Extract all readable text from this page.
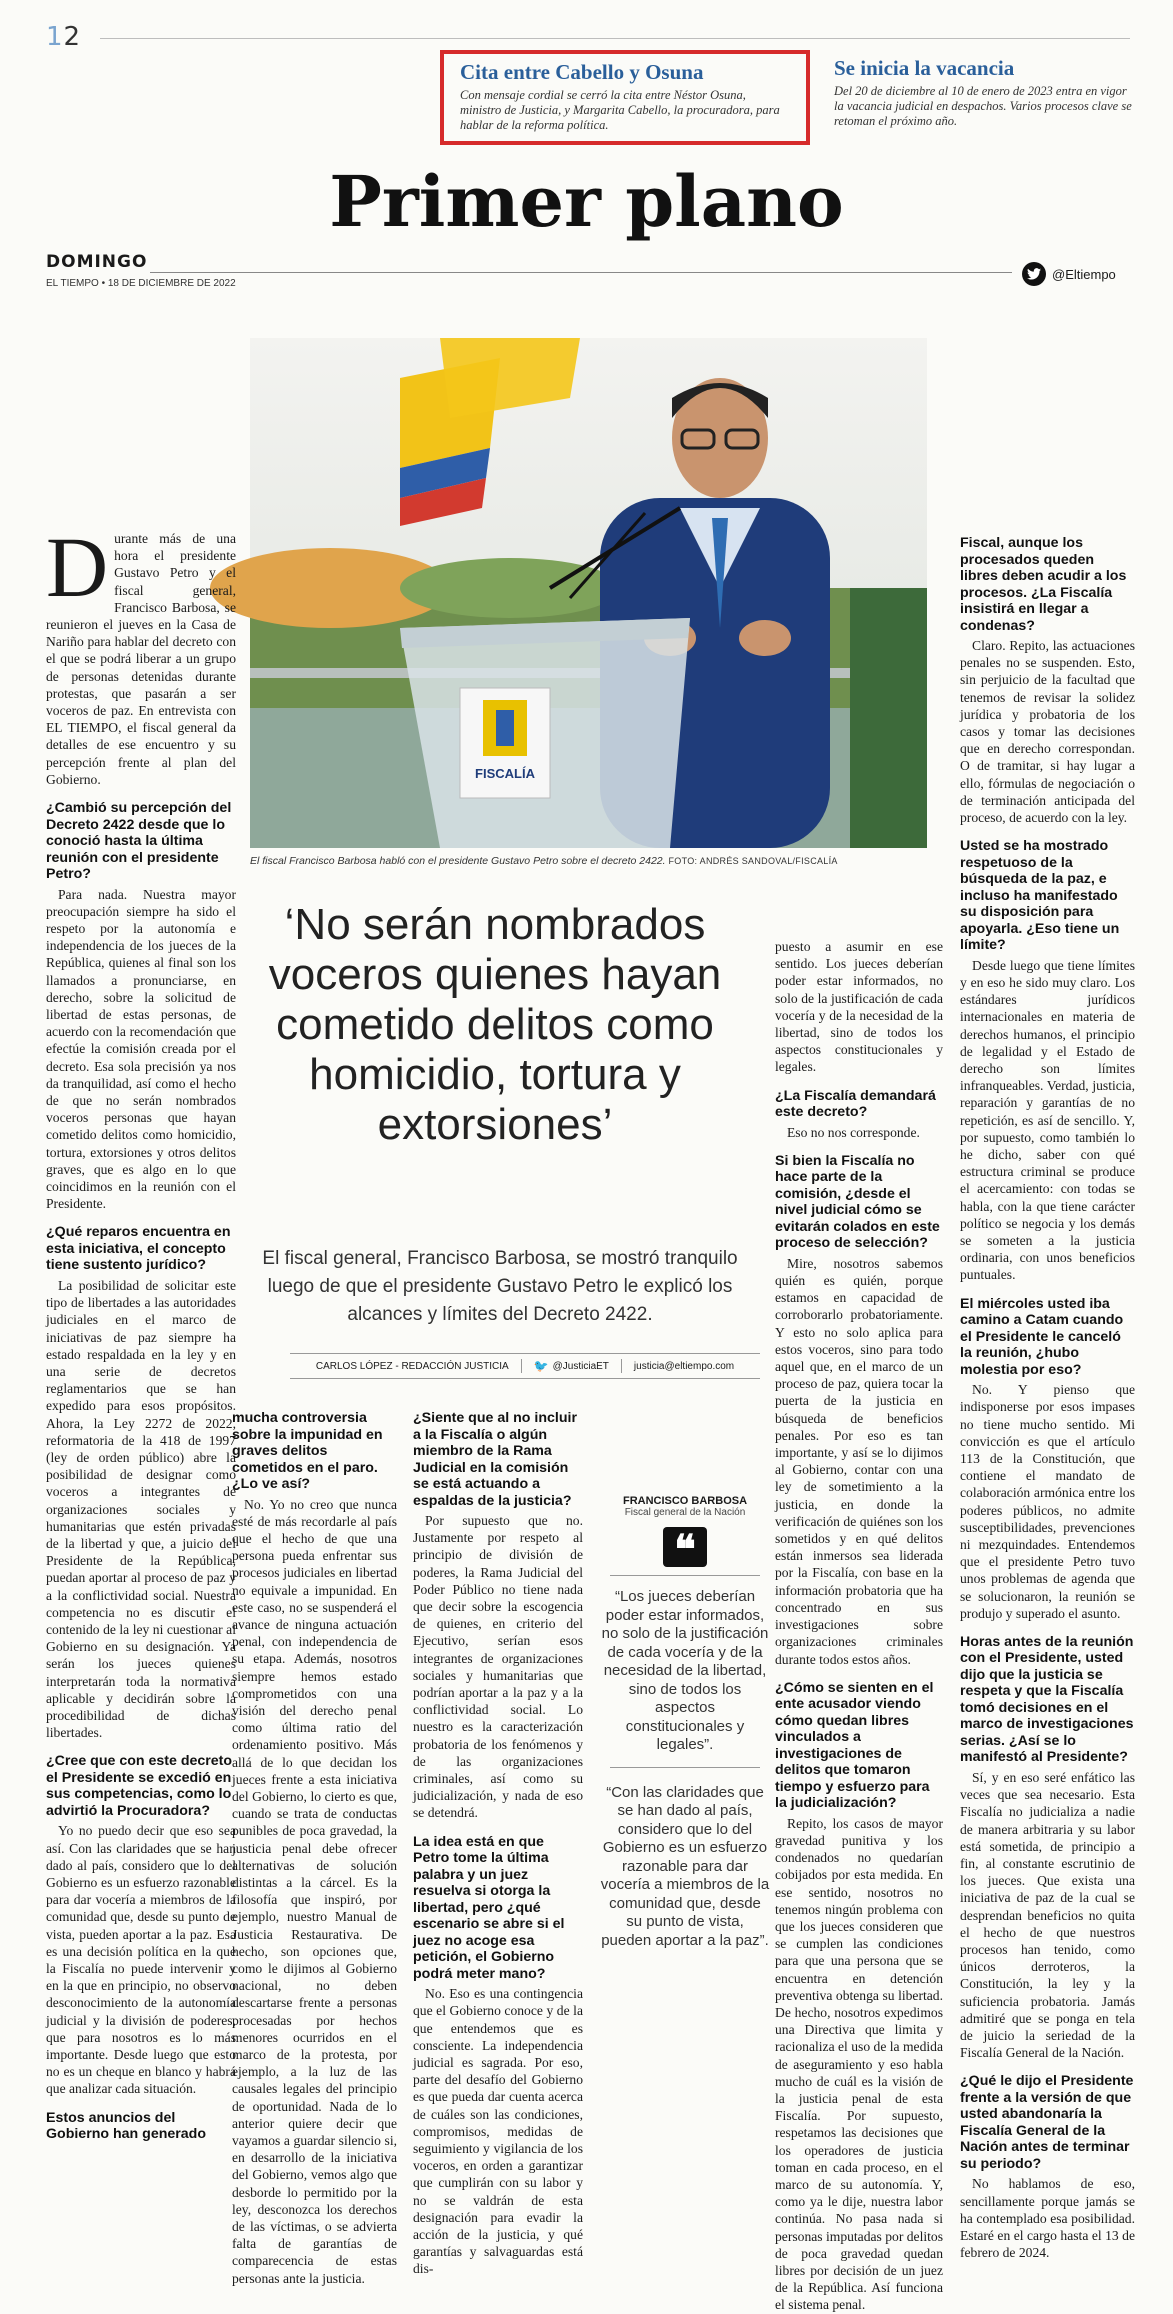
12
Cita entre Cabello y Osuna

Con mensaje cordial se cerró la cita entre Néstor Osuna, ministro de Justicia, y Margarita Cabello, la procuradora, para hablar de la reforma política.

Se inicia la vacancia

Del 20 de diciembre al 10 de enero de 2023 entra en vigor la vacancia judicial en despachos. Varios procesos clave se retoman el próximo año.

Primer plano
DOMINGO
EL TIEMPO • 18 DE DICIEMBRE DE 2022
@Eltiempo
FISCALÍA
El fiscal Francisco Barbosa habló con el presidente Gustavo Petro sobre el decreto 2422. FOTO: ANDRÉS SANDOVAL/FISCALÍA
‘No serán nombrados voceros quienes hayan cometido delitos como homicidio, tortura y extorsiones’
El fiscal general, Francisco Barbosa, se mostró tranquilo luego de que el presidente Gustavo Petro le explicó los alcances y límites del Decreto 2422.
CARLOS LÓPEZ - REDACCIÓN JUSTICIA 🐦 @JusticiaET	justicia@eltiempo.com

Durante más de una hora el presidente Gustavo Petro y el fiscal general, Francisco Barbosa, se reunieron el jueves en la Casa de Nariño para hablar del decreto con el que se podrá liberar a un grupo de personas detenidas durante protestas, que pasarán a ser voceros de paz. En entrevista con EL TIEMPO, el fiscal general da detalles de ese encuentro y su percepción frente al plan del Gobierno.

¿Cambió su percepción del Decreto 2422 desde que lo conoció hasta la última reunión con el presidente Petro?

Para nada. Nuestra mayor preocupación siempre ha sido el respeto por la autonomía e independencia de los jueces de la República, quienes al final son los llamados a pronunciarse, en derecho, sobre la solicitud de libertad de estas personas, de acuerdo con la recomendación que efectúe la comisión creada por el decreto. Esa sola precisión ya nos da tranquilidad, así como el hecho de que no serán nombrados voceros personas que hayan cometido delitos como homicidio, tortura, extorsiones y otros delitos graves, que es algo en lo que coincidimos en la reunión con el Presidente.

¿Qué reparos encuentra en esta iniciativa, el concepto tiene sustento jurídico?

La posibilidad de solicitar este tipo de libertades a las autoridades judiciales en el marco de iniciativas de paz siempre ha estado respaldada en la ley y en una serie de decretos reglamentarios que se han expedido para esos propósitos. Ahora, la Ley 2272 de 2022, reformatoria de la 418 de 1997 (ley de orden público) abre la posibilidad de designar como voceros a integrantes de organizaciones sociales y humanitarias que estén privadas de la libertad y que, a juicio del Presidente de la República, puedan aportar al proceso de paz y a la conflictividad social. Nuestra competencia no es discutir el contenido de la ley ni cuestionar al Gobierno en su designación. Ya serán los jueces quienes interpretarán toda la normativa aplicable y decidirán sobre la procedibilidad de dichas libertades.

¿Cree que con este decreto el Presidente se excedió en sus competencias, como lo advirtió la Procuradora?

Yo no puedo decir que eso sea así. Con las claridades que se han dado al país, considero que lo del Gobierno es un esfuerzo razonable para dar vocería a miembros de la comunidad que, desde su punto de vista, pueden aportar a la paz. Esa es una decisión política en la que la Fiscalía no puede intervenir y en la que en principio, no observo desconocimiento de la autonomía judicial y la división de poderes, que para nosotros es lo más importante. Desde luego que esto no es un cheque en blanco y habrá que analizar cada situación.

Estos anuncios del Gobierno han generado
mucha controversia sobre la impunidad en graves delitos cometidos en el paro. ¿Lo ve así?

No. Yo no creo que nunca esté de más recordarle al país que el hecho de que una persona pueda enfrentar sus procesos judiciales en libertad no equivale a impunidad. En este caso, no se suspenderá el avance de ninguna actuación penal, con independencia de su etapa. Además, nosotros siempre hemos estado comprometidos con una visión del derecho penal como última ratio del ordenamiento positivo. Más allá de lo que decidan los jueces frente a esta iniciativa del Gobierno, lo cierto es que, cuando se trata de conductas punibles de poca gravedad, la justicia penal debe ofrecer alternativas de solución distintas a la cárcel. Es la filosofía que inspiró, por ejemplo, nuestro Manual de Justicia Restaurativa. De hecho, son opciones que, como le dijimos al Gobierno nacional, no deben descartarse frente a personas procesadas por hechos menores ocurridos en el marco de la protesta, por ejemplo, a la luz de las causales legales del principio de oportunidad. Nada de lo anterior quiere decir que vayamos a guardar silencio si, en desarrollo de la iniciativa del Gobierno, vemos algo que desborde lo permitido por la ley, desconozca los derechos de las víctimas, o se advierta falta de garantías de comparecencia de estas personas ante la justicia.

¿Siente que al no incluir a la Fiscalía o algún miembro de la Rama Judicial en la comisión se está actuando a espaldas de la justicia?

Por supuesto que no. Justamente por respeto al principio de división de poderes, la Rama Judicial del Poder Público no tiene nada que decir sobre la escogencia de quienes, en criterio del Ejecutivo, serían esos integrantes de organizaciones sociales y humanitarias que podrían aportar a la paz y a la conflictividad social. Lo nuestro es la caracterización probatoria de los fenómenos y de las organizaciones criminales, así como su judicialización, y nada de eso se detendrá.

La idea está en que Petro tome la última palabra y un juez resuelva si otorga la libertad, pero ¿qué escenario se abre si el juez no acoge esa petición, el Gobierno podrá meter mano?

No. Eso es una contingencia que el Gobierno conoce y de la que entendemos que es consciente. La independencia judicial es sagrada. Por eso, parte del desafío del Gobierno es que pueda dar cuenta acerca de cuáles son las condiciones, compromisos, medidas de seguimiento y vigilancia de los voceros, en orden a garantizar que cumplirán con su labor y no se valdrán de esta designación para evadir la acción de la justicia, y qué garantías y salvaguardas está dis-

FRANCISCO BARBOSA
Fiscal general de la Nación
❝
“Los jueces deberían poder estar informados, no solo de la justificación de cada vocería y de la necesidad de la libertad, sino de todos los aspectos constitucionales y legales”.
“Con las claridades que se han dado al país, considero que lo del Gobierno es un esfuerzo razonable para dar vocería a miembros de la comunidad que, desde su punto de vista, pueden aportar a la paz”.

puesto a asumir en ese sentido. Los jueces deberían poder estar informados, no solo de la justificación de cada vocería y de la necesidad de la libertad, sino de todos los aspectos constitucionales y legales.

¿La Fiscalía demandará este decreto?

Eso no nos corresponde.

Si bien la Fiscalía no hace parte de la comisión, ¿desde el nivel judicial cómo se evitarán colados en este proceso de selección?

Mire, nosotros sabemos quién es quién, porque estamos en capacidad de corroborarlo probatoriamente. Y esto no solo aplica para estos voceros, sino para todo aquel que, en el marco de un proceso de paz, quiera tocar la puerta de la justicia en búsqueda de beneficios penales. Por eso es tan importante, y así se lo dijimos al Gobierno, contar con una ley de sometimiento a la justicia, en donde la verificación de quiénes son los sometidos y en qué delitos están inmersos sea liderada por la Fiscalía, con base en la información probatoria que ha concentrado en sus investigaciones sobre organizaciones criminales durante todos estos años.

¿Cómo se sienten en el ente acusador viendo cómo quedan libres vinculados a investigaciones de delitos que tomaron tiempo y esfuerzo para la judicialización?

Repito, los casos de mayor gravedad punitiva y los condenados no quedarían cobijados por esta medida. En ese sentido, nosotros no tenemos ningún problema con que los jueces consideren que se cumplen las condiciones para que una persona que se encuentra en detención preventiva obtenga su libertad. De hecho, nosotros expedimos una Directiva que limita y racionaliza el uso de la medida de aseguramiento y eso habla mucho de cuál es la visión de la justicia penal de esta Fiscalía. Por supuesto, respetamos las decisiones que los operadores de justicia toman en cada proceso, en el marco de su autonomía. Y, como ya le dije, nuestra labor continúa. No pasa nada si personas imputadas por delitos de poca gravedad quedan libres por decisión de un juez de la República. Así funciona el sistema penal.

Fiscal, aunque los procesados queden libres deben acudir a los procesos. ¿La Fiscalía insistirá en llegar a condenas?

Claro. Repito, las actuaciones penales no se suspenden. Esto, sin perjuicio de la facultad que tenemos de revisar la solidez jurídica y probatoria de los casos y tomar las decisiones que en derecho correspondan. O de tramitar, si hay lugar a ello, fórmulas de negociación o de terminación anticipada del proceso, de acuerdo con la ley.

Usted se ha mostrado respetuoso de la búsqueda de la paz, e incluso ha manifestado su disposición para apoyarla. ¿Eso tiene un límite?

Desde luego que tiene límites y en eso he sido muy claro. Los estándares jurídicos internacionales en materia de derechos humanos, el principio de legalidad y el Estado de derecho son límites infranqueables. Verdad, justicia, reparación y garantías de no repetición, es así de sencillo. Y, por supuesto, como también lo he dicho, saber con qué estructura criminal se produce el acercamiento: con todas se habla, con la que tiene carácter político se negocia y los demás se someten a la justicia ordinaria, con unos beneficios puntuales.

El miércoles usted iba camino a Catam cuando el Presidente le canceló la reunión, ¿hubo molestia por eso?

No. Y pienso que indisponerse por esos impases no tiene mucho sentido. Mi convicción es que el artículo 113 de la Constitución, que contiene el mandato de colaboración armónica entre los poderes públicos, no admite susceptibilidades, prevenciones ni mezquindades. Entendemos que el presidente Petro tuvo unos problemas de agenda que se solucionaron, la reunión se produjo y superado el asunto.

Horas antes de la reunión con el Presidente, usted dijo que la justicia se respeta y que la Fiscalía tomó decisiones en el marco de investigaciones serias. ¿Así se lo manifestó al Presidente?

Sí, y en eso seré enfático las veces que sea necesario. Esta Fiscalía no judicializa a nadie de manera arbitraria y su labor está sometida, de principio a fin, al constante escrutinio de los jueces. Que exista una iniciativa de paz de la cual se desprendan beneficios no quita el hecho de que nuestros procesos han tenido, como únicos derroteros, la Constitución, la ley y la suficiencia probatoria. Jamás admitiré que se ponga en tela de juicio la seriedad de la Fiscalía General de la Nación.

¿Qué le dijo el Presidente frente a la versión de que usted abandonaría la Fiscalía General de la Nación antes de terminar su periodo?

No hablamos de eso, sencillamente porque jamás se ha contemplado esa posibilidad. Estaré en el cargo hasta el 13 de febrero de 2024.
